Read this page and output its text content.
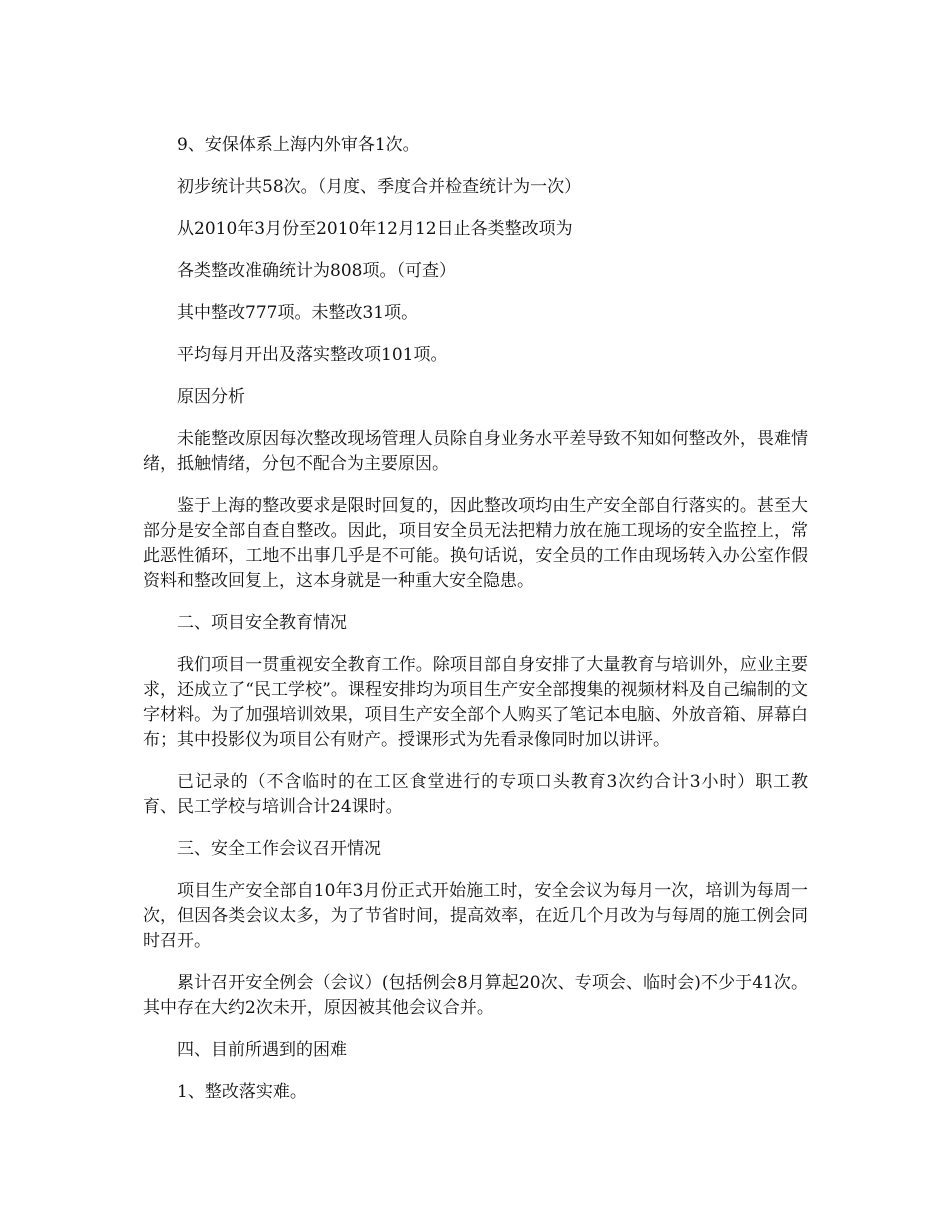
9、安保体系上海内外审各1次。

初步统计共58次。（月度、季度合并检查统计为一次）

从2010年3月份至2010年12月12日止各类整改项为

各类整改准确统计为808项。（可查）

其中整改777项。未整改31项。

平均每月开出及落实整改项101项。

原因分析

未能整改原因每次整改现场管理人员除自身业务水平差导致不知如何整改外，畏难情绪，抵触情绪，分包不配合为主要原因。

鉴于上海的整改要求是限时回复的，因此整改项均由生产安全部自行落实的。甚至大部分是安全部自查自整改。因此，项目安全员无法把精力放在施工现场的安全监控上，常此恶性循环，工地不出事几乎是不可能。换句话说，安全员的工作由现场转入办公室作假资料和整改回复上，这本身就是一种重大安全隐患。

二、项目安全教育情况

我们项目一贯重视安全教育工作。除项目部自身安排了大量教育与培训外，应业主要求，还成立了“民工学校”。课程安排均为项目生产安全部搜集的视频材料及自己编制的文字材料。为了加强培训效果，项目生产安全部个人购买了笔记本电脑、外放音箱、屏幕白布；其中投影仪为项目公有财产。授课形式为先看录像同时加以讲评。

已记录的（不含临时的在工区食堂进行的专项口头教育3次约合计3小时）职工教育、民工学校与培训合计24课时。

三、安全工作会议召开情况

项目生产安全部自10年3月份正式开始施工时，安全会议为每月一次，培训为每周一次，但因各类会议太多，为了节省时间，提高效率，在近几个月改为与每周的施工例会同时召开。

累计召开安全例会（会议）(包括例会8月算起20次、专项会、临时会)不少于41次。其中存在大约2次未开，原因被其他会议合并。

四、目前所遇到的困难

1、整改落实难。
